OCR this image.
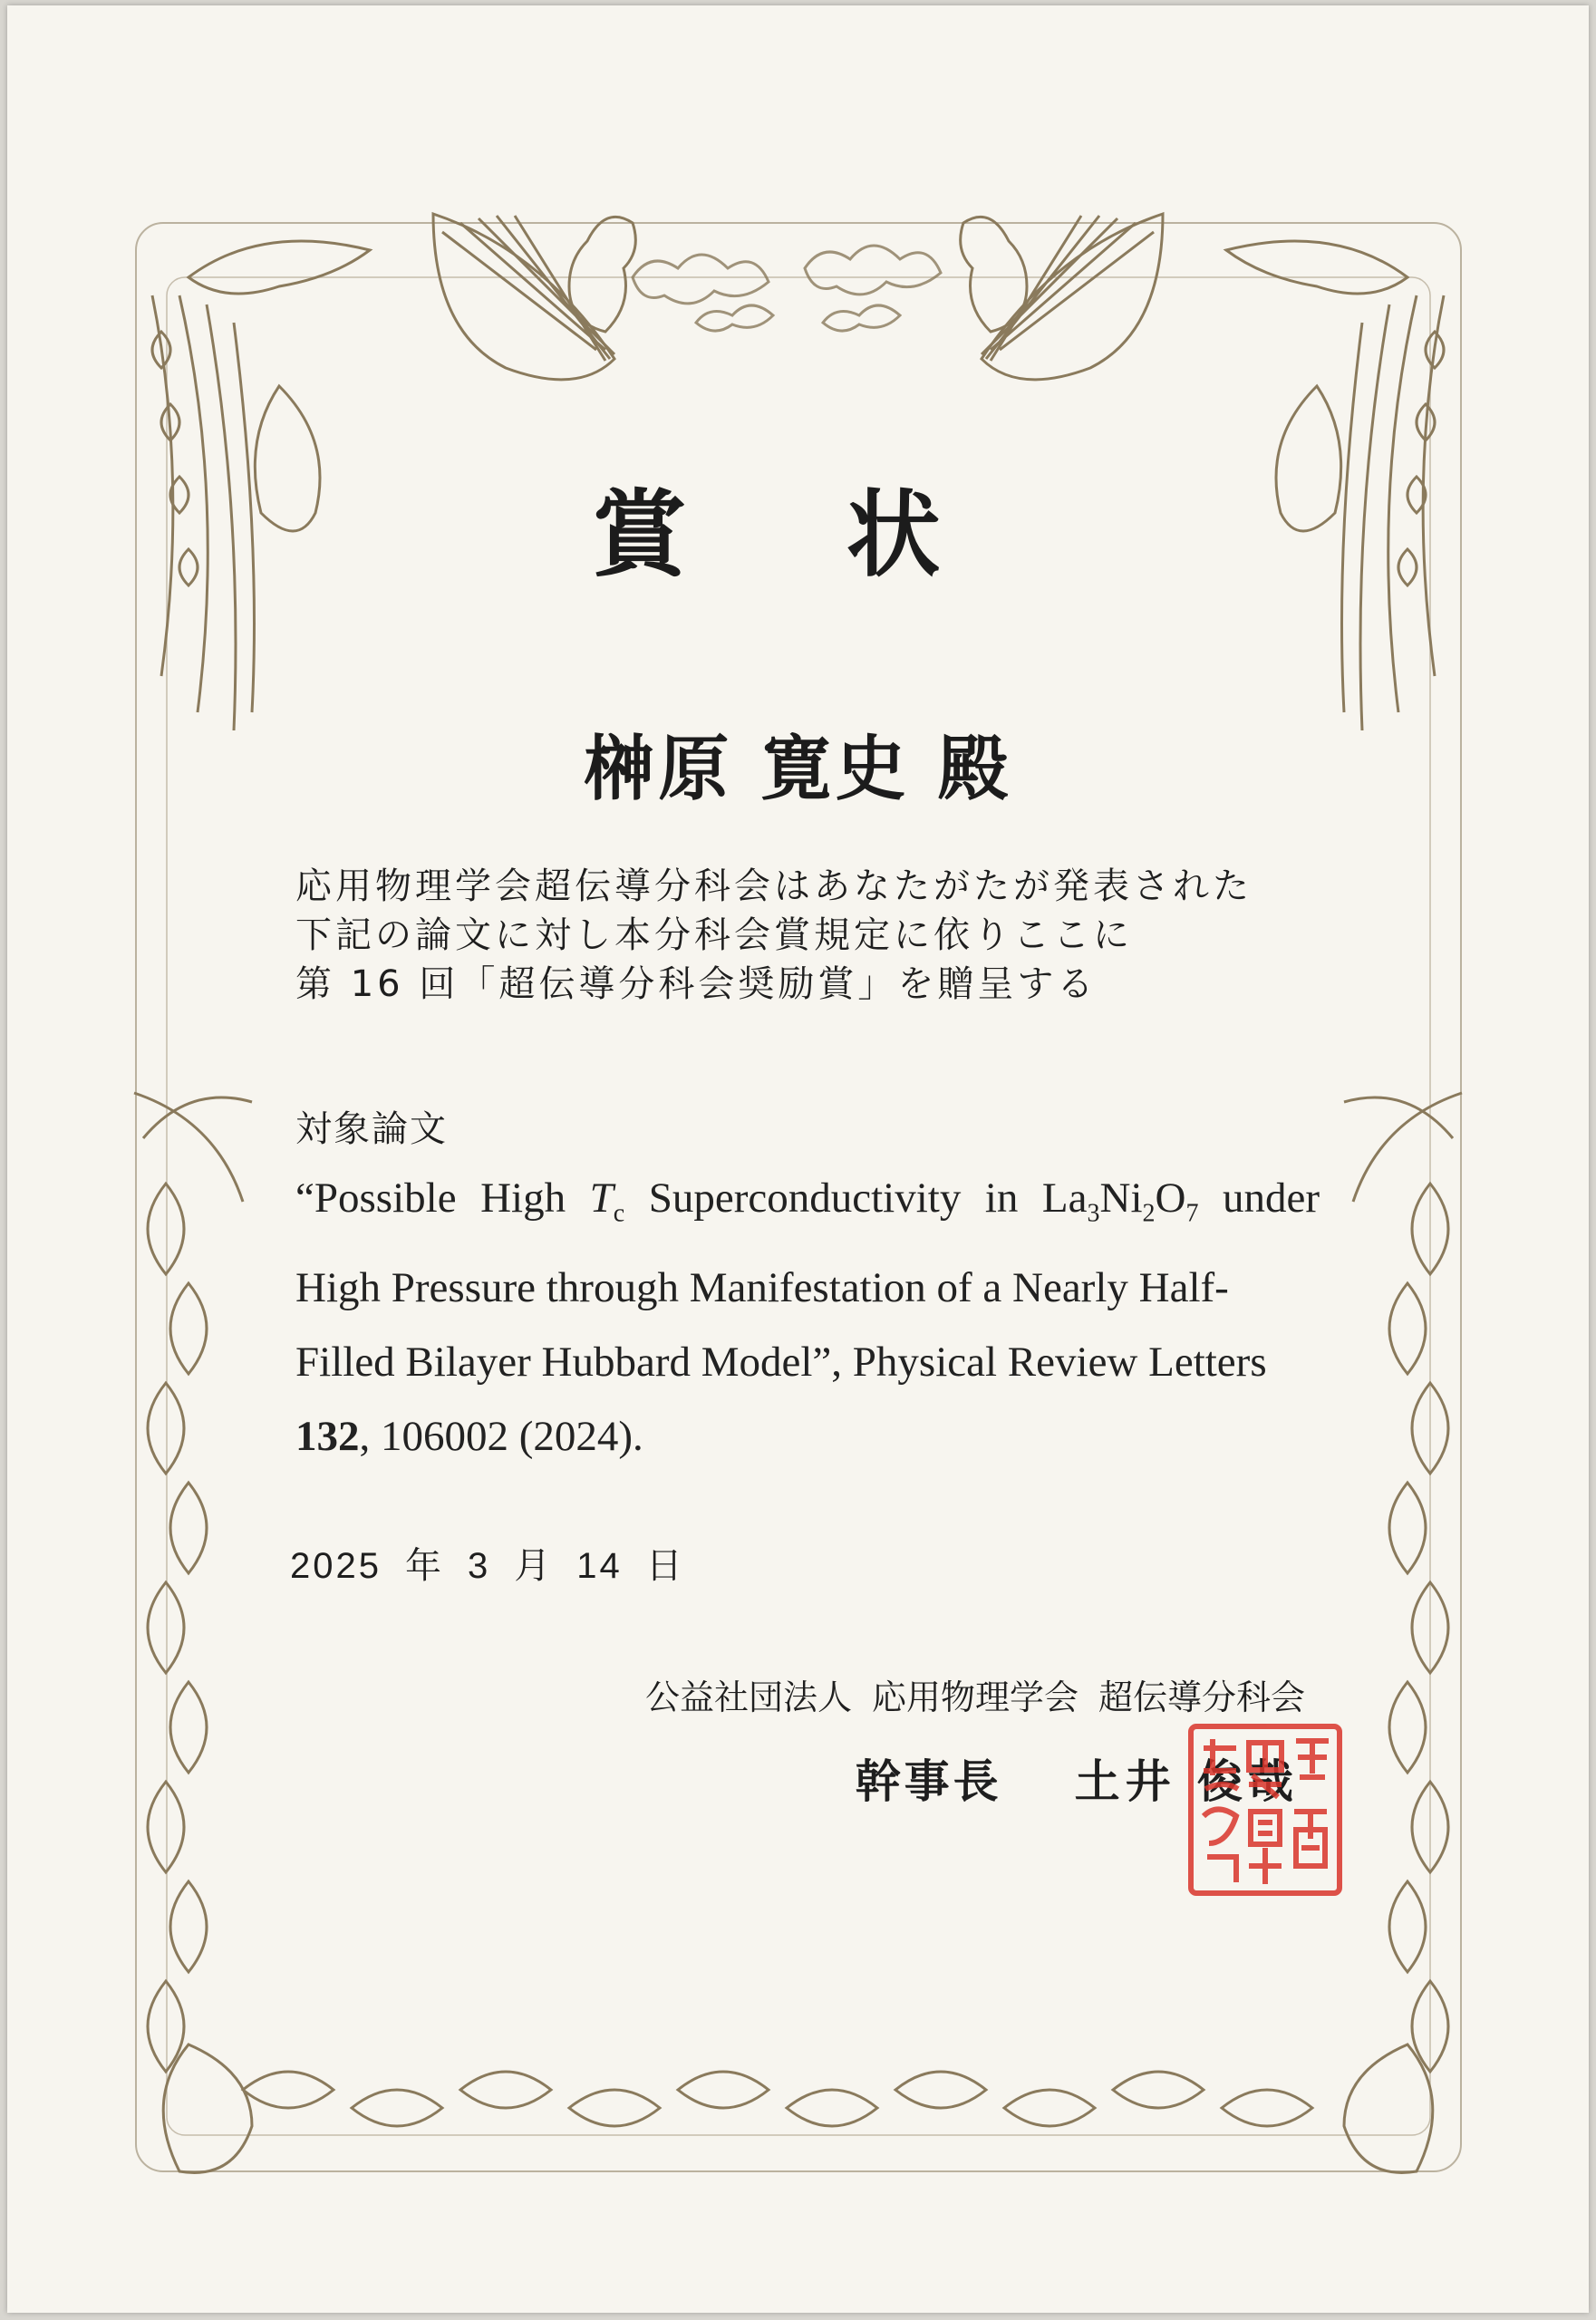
賞 状
榊原 寛史 殿
応用物理学会超伝導分科会はあなたがたが発表された
下記の論文に対し本分科会賞規定に依りここに
第 16 回「超伝導分科会奨励賞」を贈呈する
対象論文
“Possible High $T_c$ Superconductivity in $La_3Ni_2O_7$ under
High Pressure through Manifestation of a Nearly Half-
Filled Bilayer Hubbard Model”, Physical Review Letters
132, 106002 (2024).
2025 年 3 月 14 日
公益社団法人 応用物理学会 超伝導分科会
幹事長 土井 俊哉
